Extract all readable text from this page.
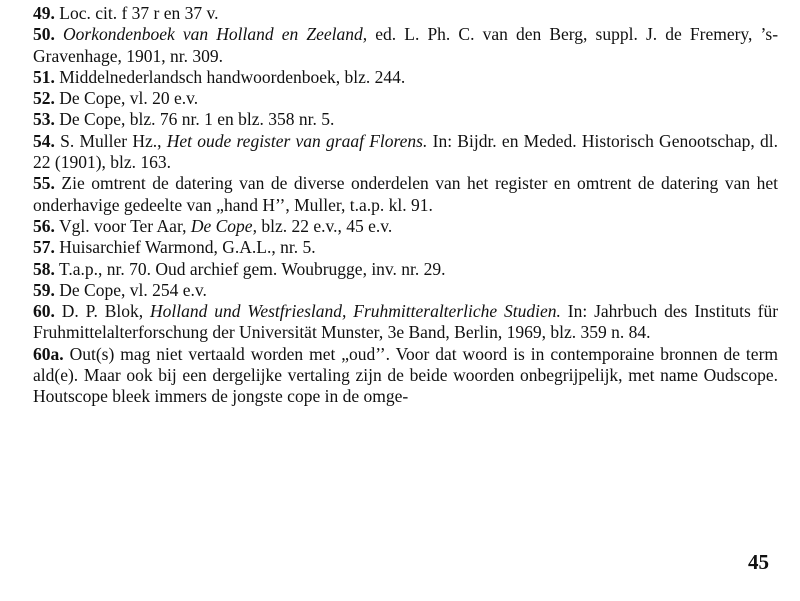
49. Loc. cit. f 37 r en 37 v.

50. Oorkondenboek van Holland en Zeeland, ed. L. Ph. C. van den Berg, suppl. J. de Fremery, ’s-Gravenhage, 1901, nr. 309.

51. Middelnederlandsch handwoordenboek, blz. 244.

52. De Cope, vl. 20 e.v.

53. De Cope, blz. 76 nr. 1 en blz. 358 nr. 5.

54. S. Muller Hz., Het oude register van graaf Florens. In: Bijdr. en Meded. Historisch Genootschap, dl. 22 (1901), blz. 163.

55. Zie omtrent de datering van de diverse onderdelen van het register en omtrent de datering van het onderhavige gedeelte van „hand H’’, Muller, t.a.p. kl. 91.

56. Vgl. voor Ter Aar, De Cope, blz. 22 e.v., 45 e.v.

57. Huisarchief Warmond, G.A.L., nr. 5.

58. T.a.p., nr. 70. Oud archief gem. Woubrugge, inv. nr. 29.

59. De Cope, vl. 254 e.v.

60. D. P. Blok, Holland und Westfriesland, Fruhmitteralterliche Studien. In: Jahrbuch des Instituts für Fruhmittelalterforschung der Universität Munster, 3e Band, Berlin, 1969, blz. 359 n. 84.

60a. Out(s) mag niet vertaald worden met „oud’’. Voor dat woord is in contemporaine bronnen de term ald(e). Maar ook bij een dergelijke vertaling zijn de beide woorden onbegrijpelijk, met name Oudscope. Houtscope bleek immers de jongste cope in de omge-

45
